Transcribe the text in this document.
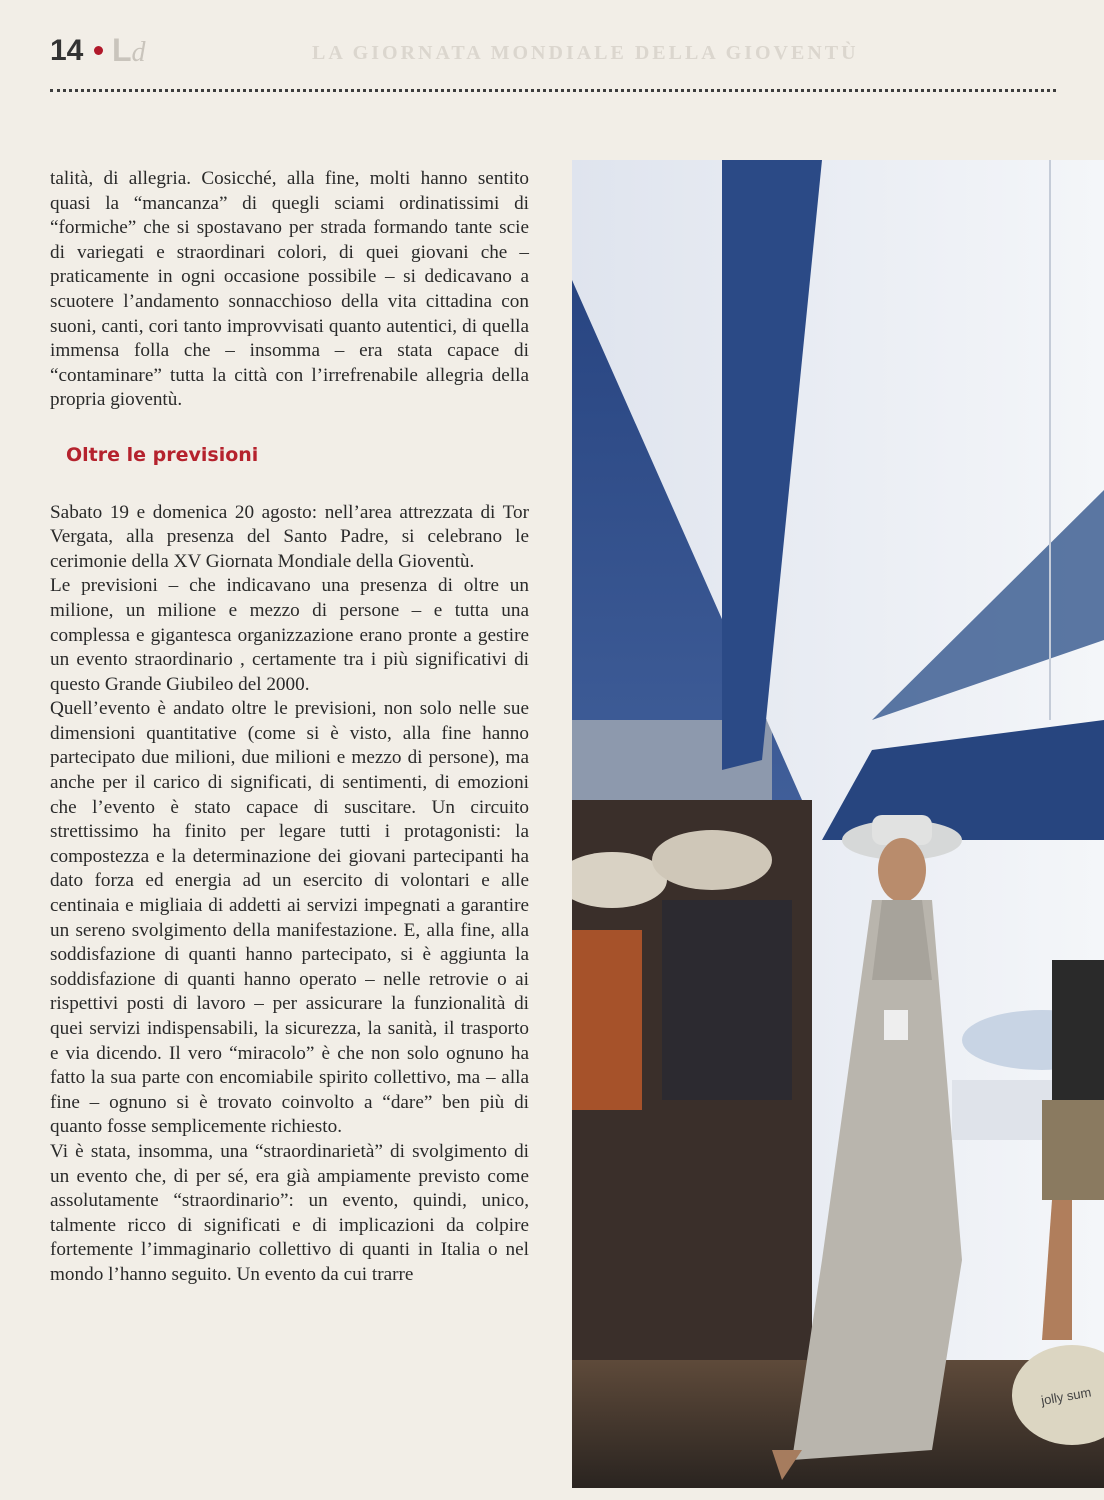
14 Ld	LA GIORNATA MONDIALE DELLA GIOVENTÙ

talità, di allegria. Cosicché, alla fine, molti hanno sentito quasi la “mancanza” di quegli sciami ordinatissimi di “formiche” che si spostavano per strada formando tante scie di variegati e straordinari colori, di quei giovani che – praticamente in ogni occasione possibile – si dedicavano a scuotere l’andamento sonnacchioso della vita cittadina con suoni, canti, cori tanto improvvisati quanto autentici, di quella immensa folla che – insomma – era stata capace di “contaminare” tutta la città con l’irrefrenabile allegria della propria gioventù.

Oltre le previsioni

Sabato 19 e domenica 20 agosto: nell’area attrezzata di Tor Vergata, alla presenza del Santo Padre, si celebrano le cerimonie della XV Giornata Mondiale della Gioventù.

Le previsioni – che indicavano una presenza di oltre un milione, un milione e mezzo di persone – e tutta una complessa e gigantesca organizzazione erano pronte a gestire un evento straordinario , certamente tra i più significativi di questo Grande Giubileo del 2000.

Quell’evento è andato oltre le previsioni, non solo nelle sue dimensioni quantitative (come si è visto, alla fine hanno partecipato due milioni, due milioni e mezzo di persone), ma anche per il carico di significati, di sentimenti, di emozioni che l’evento è stato capace di suscitare. Un circuito strettissimo ha finito per legare tutti i protagonisti: la compostezza e la determinazione dei giovani partecipanti ha dato forza ed energia ad un esercito di volontari e alle centinaia e migliaia di addetti ai servizi impegnati a garantire un sereno svolgimento della manifestazione. E, alla fine, alla soddisfazione di quanti hanno partecipato, si è aggiunta la soddisfazione di quanti hanno operato – nelle retrovie o ai rispettivi posti di lavoro – per assicurare la funzionalità di quei servizi indispensabili, la sicurezza, la sanità, il trasporto e via dicendo. Il vero “miracolo” è che non solo ognuno ha fatto la sua parte con encomiabile spirito collettivo, ma – alla fine – ognuno si è trovato coinvolto a “dare” ben più di quanto fosse semplicemente richiesto.

Vi è stata, insomma, una “straordinarietà” di svolgimento di un evento che, di per sé, era già ampiamente previsto come assolutamente “straordinario”: un evento, quindi, unico, talmente ricco di significati e di implicazioni da colpire fortemente l’immaginario collettivo di quanti in Italia o nel mondo l’hanno seguito. Un evento da cui trarre

jolly sum
